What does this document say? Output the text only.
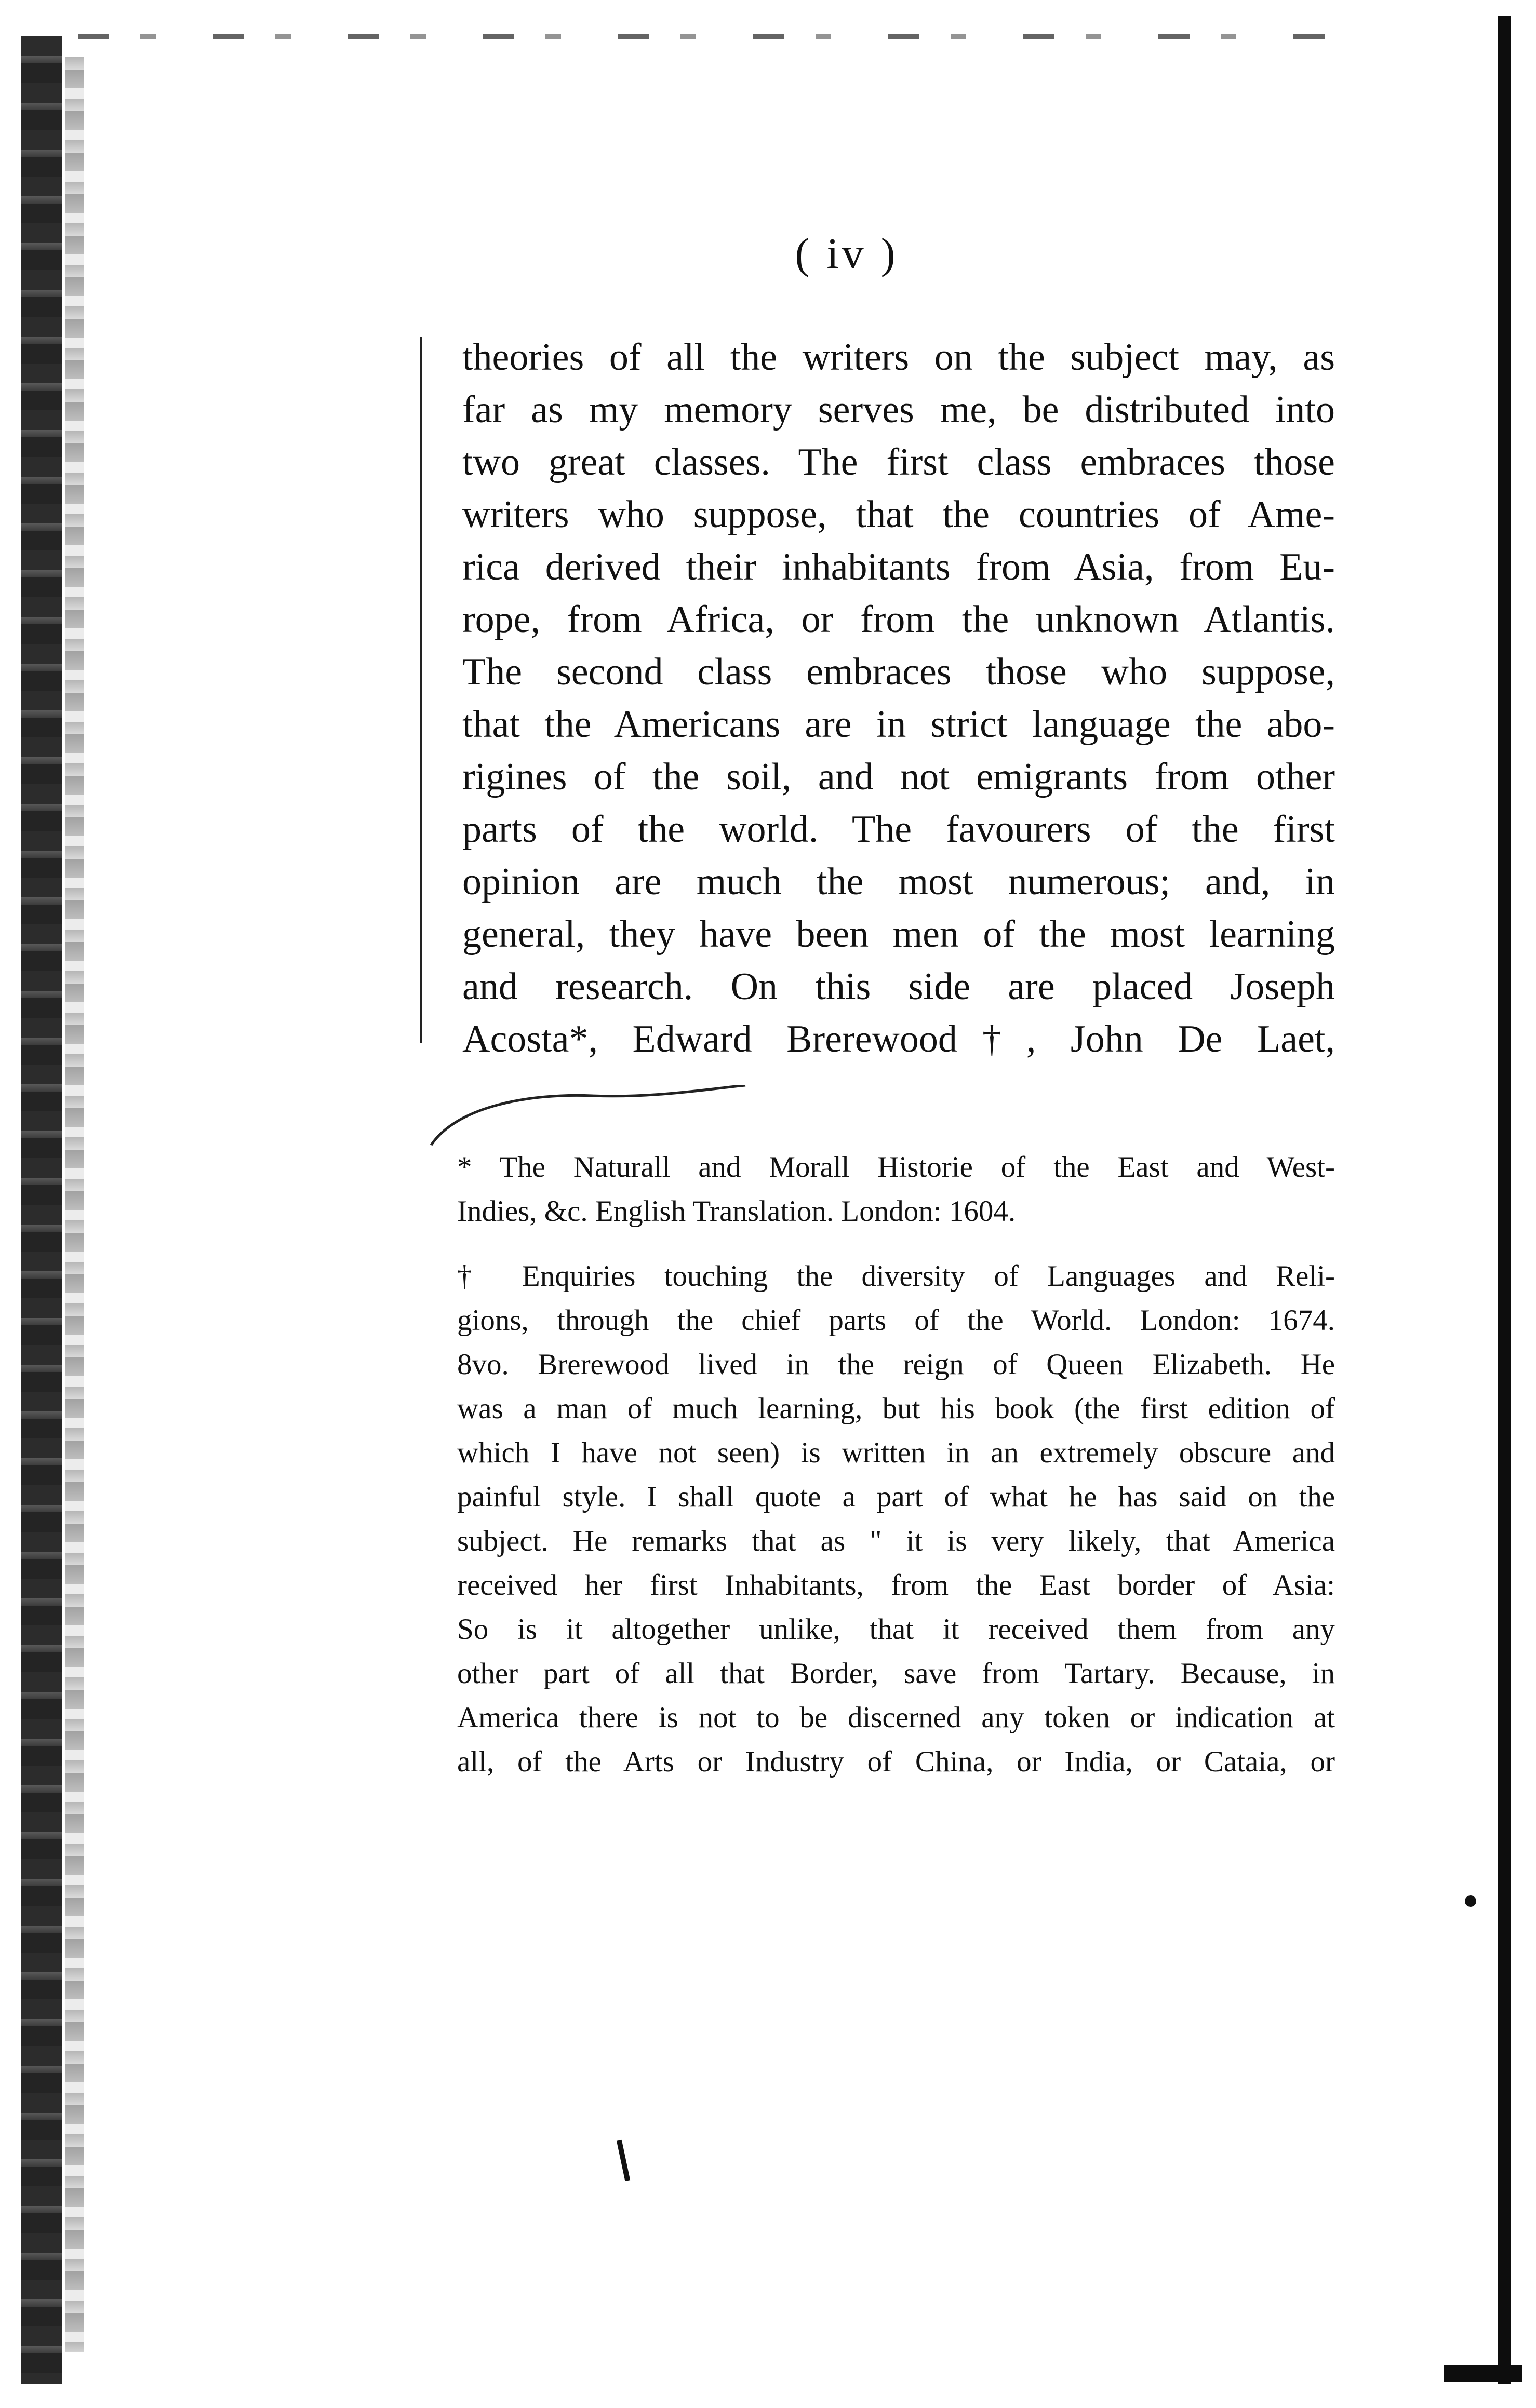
( iv )
theories of all the writers on the subject may, as
far as my memory serves me, be distributed into
two great classes. The first class embraces those
writers who suppose, that the countries of Ame-
rica derived their inhabitants from Asia, from Eu-
rope, from Africa, or from the unknown Atlantis.
The second class embraces those who suppose,
that the Americans are in strict language the abo-
rigines of the soil, and not emigrants from other
parts of the world. The favourers of the first
opinion are much the most numerous; and, in
general, they have been men of the most learning
and research. On this side are placed Joseph
Acosta*, Edward Brerewood†, John De Laet,
* The Naturall and Morall Historie of the East and West-
Indies, &c. English Translation. London: 1604.
† Enquiries touching the diversity of Languages and Reli-
gions, through the chief parts of the World. London: 1674.
8vo. Brerewood lived in the reign of Queen Elizabeth. He
was a man of much learning, but his book (the first edition of
which I have not seen) is written in an extremely obscure and
painful style. I shall quote a part of what he has said on the
subject. He remarks that as " it is very likely, that America
received her first Inhabitants, from the East border of Asia:
So is it altogether unlike, that it received them from any
other part of all that Border, save from Tartary. Because, in
America there is not to be discerned any token or indication at
all, of the Arts or Industry of China, or India, or Cataia, or
